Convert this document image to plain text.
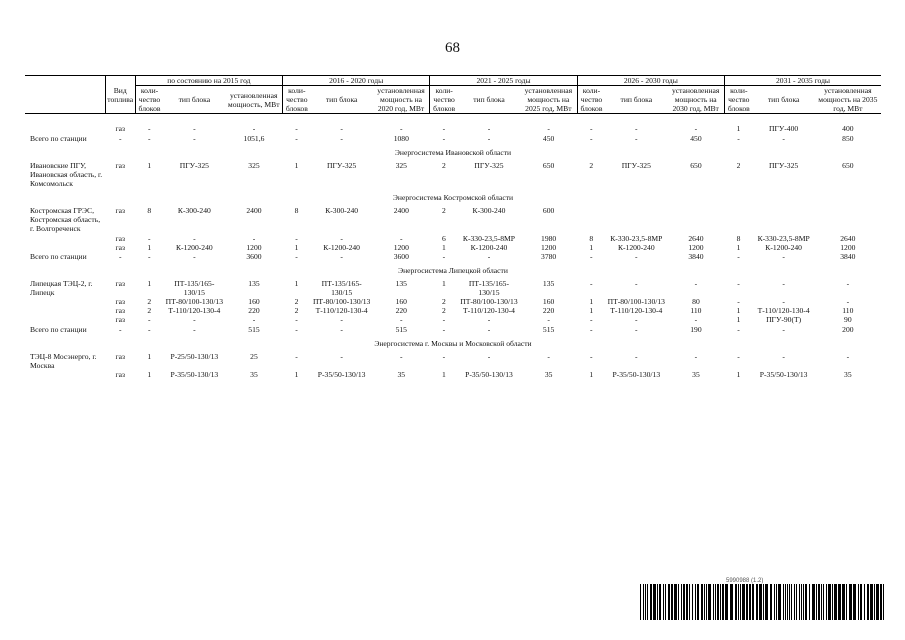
68
	Вид топлива	по состоянию на 2015 год			2016 - 2020 годы			2021 - 2025 годы			2026 - 2030 годы			2031 - 2035 годы		
		коли-чество блоков	тип блока	установленная мощность, МВт	коли-чество блоков	тип блока	установленная мощность на 2020 год, МВт	коли-чество блоков	тип блока	установленная мощность на 2025 год, МВт	коли-чество блоков	тип блока	установленная мощность на 2030 год, МВт	коли-чество блоков	тип блока	установленная мощность на 2035 год, МВт

	газ	-	-	-	-	-	-	-	-	-	-	-	-	1	ПГУ-400	400
Всего по станции	-	-	-	1051,6	-	-	1080	-	-	450	-	-	450	-	-	850
Энергосистема Ивановской области																
Ивановские ПГУ, Ивановская область, г. Комсомольск	газ	1	ПГУ-325	325	1	ПГУ-325	325	2	ПГУ-325	650	2	ПГУ-325	650	2	ПГУ-325	650
Энергосистема Костромской области																
Костромская ГРЭС, Костромская область, г. Волгореченск	газ	8	К-300-240	2400	8	К-300-240	2400	2	К-300-240	600						
	газ	-	-	-	-	-	-	6	К-330-23,5-8МР	1980	8	К-330-23,5-8МР	2640	8	К-330-23,5-8МР	2640
	газ	1	К-1200-240	1200	1	К-1200-240	1200	1	К-1200-240	1200	1	К-1200-240	1200	1	К-1200-240	1200
Всего по станции	-	-	-	3600	-	-	3600	-	-	3780	-	-	3840	-	-	3840
Энергосистема Липецкой области																
Липецкая ТЭЦ-2, г. Липецк	газ	1	ПТ-135/165-130/15	135	1	ПТ-135/165-130/15	135	1	ПТ-135/165-130/15	135	-	-	-	-	-	-
	газ	2	ПТ-80/100-130/13	160	2	ПТ-80/100-130/13	160	2	ПТ-80/100-130/13	160	1	ПТ-80/100-130/13	80	-	-	-
	газ	2	Т-110/120-130-4	220	2	Т-110/120-130-4	220	2	Т-110/120-130-4	220	1	Т-110/120-130-4	110	1	Т-110/120-130-4	110
	газ	-	-	-	-	-	-	-	-	-	-	-	-	1	ПГУ-90(Т)	90
Всего по станции	-	-	-	515	-	-	515	-	-	515	-	-	190	-	-	200
Энергосистема г. Москвы и Московской области																
ТЭЦ-8 Мосэнерго, г. Москва	газ	1	Р-25/50-130/13	25	-	-	-	-	-	-	-	-	-	-	-	-
	газ	1	Р-35/50-130/13	35	1	Р-35/50-130/13	35	1	Р-35/50-130/13	35	1	Р-35/50-130/13	35	1	Р-35/50-130/13	35
5990988 (1.2)
